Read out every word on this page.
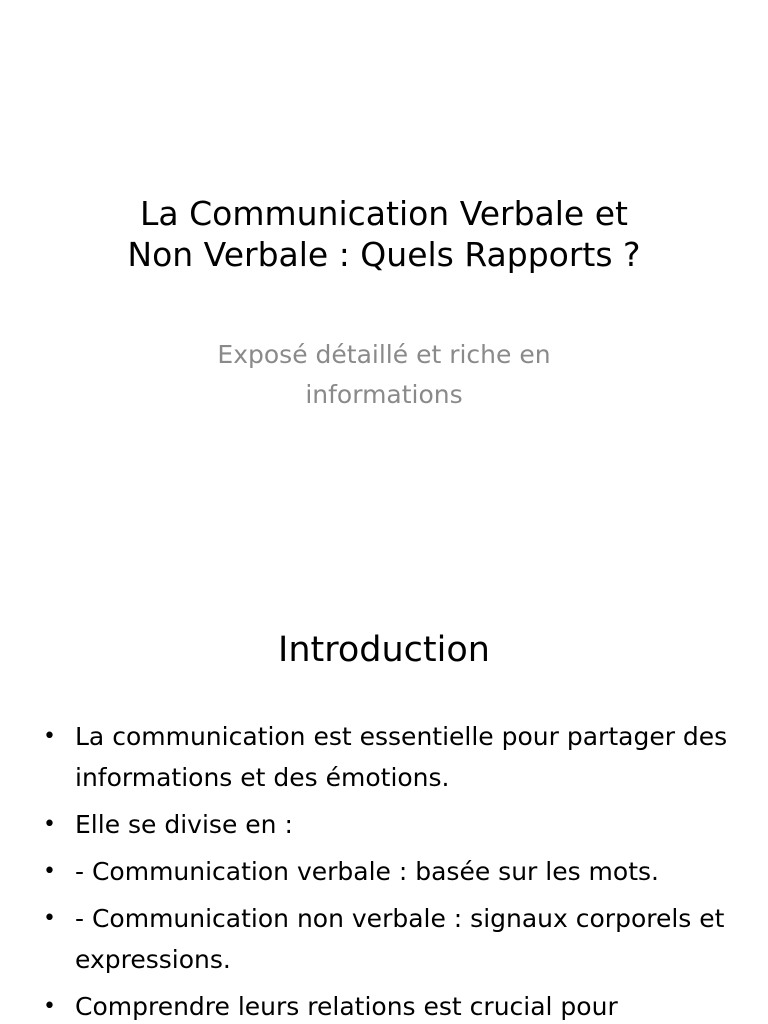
La Communication Verbale et
Non Verbale : Quels Rapports ?

Exposé détaillé et riche en
informations

Introduction
• La communication est essentielle pour partager des informations et des émotions.
• Elle se divise en :
• - Communication verbale : basée sur les mots.
• - Communication non verbale : signaux corporels et expressions.
• Comprendre leurs relations est crucial pour
